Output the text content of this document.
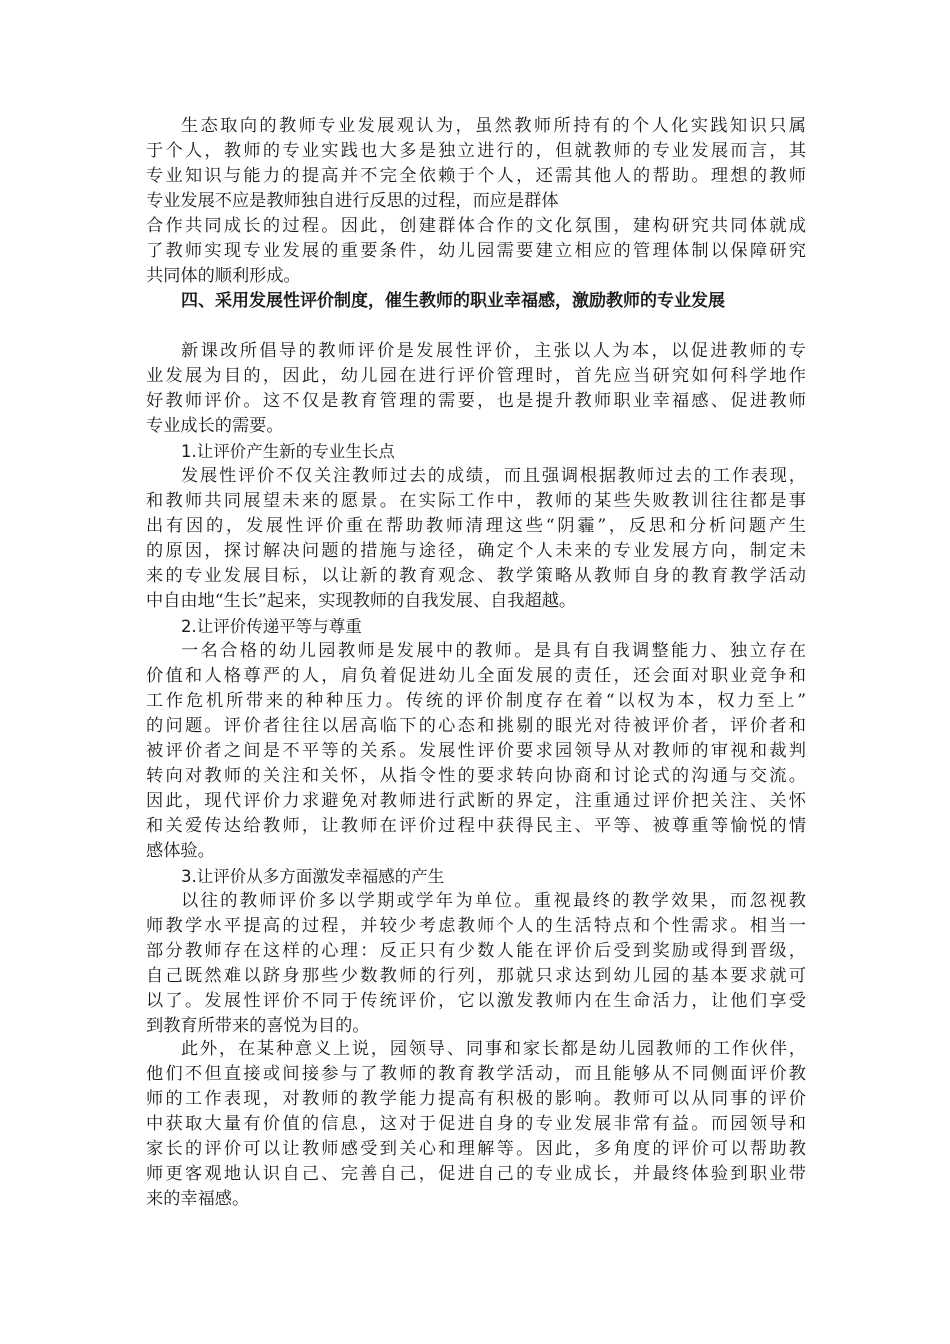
生态取向的教师专业发展观认为，虽然教师所持有的个人化实践知识只属
于个人，教师的专业实践也大多是独立进行的，但就教师的专业发展而言，其
专业知识与能力的提高并不完全依赖于个人，还需其他人的帮助。理想的教师
专业发展不应是教师独自进行反思的过程，而应是群体
合作共同成长的过程。因此，创建群体合作的文化氛围，建构研究共同体就成
了教师实现专业发展的重要条件，幼儿园需要建立相应的管理体制以保障研究
共同体的顺利形成。
四、采用发展性评价制度，催生教师的职业幸福感，激励教师的专业发展
新课改所倡导的教师评价是发展性评价，主张以人为本，以促进教师的专
业发展为目的，因此，幼儿园在进行评价管理时，首先应当研究如何科学地作
好教师评价。这不仅是教育管理的需要，也是提升教师职业幸福感、促进教师
专业成长的需要。
1.让评价产生新的专业生长点
发展性评价不仅关注教师过去的成绩，而且强调根据教师过去的工作表现，
和教师共同展望未来的愿景。在实际工作中，教师的某些失败教训往往都是事
出有因的，发展性评价重在帮助教师清理这些“阴霾”，反思和分析问题产生
的原因，探讨解决问题的措施与途径，确定个人未来的专业发展方向，制定未
来的专业发展目标，以让新的教育观念、教学策略从教师自身的教育教学活动
中自由地“生长”起来，实现教师的自我发展、自我超越。
2.让评价传递平等与尊重
一名合格的幼儿园教师是发展中的教师。是具有自我调整能力、独立存在
价值和人格尊严的人，肩负着促进幼儿全面发展的责任，还会面对职业竞争和
工作危机所带来的种种压力。传统的评价制度存在着“以权为本，权力至上”
的问题。评价者往往以居高临下的心态和挑剔的眼光对待被评价者，评价者和
被评价者之间是不平等的关系。发展性评价要求园领导从对教师的审视和裁判
转向对教师的关注和关怀，从指令性的要求转向协商和讨论式的沟通与交流。
因此，现代评价力求避免对教师进行武断的界定，注重通过评价把关注、关怀
和关爱传达给教师，让教师在评价过程中获得民主、平等、被尊重等愉悦的情
感体验。
3.让评价从多方面激发幸福感的产生
以往的教师评价多以学期或学年为单位。重视最终的教学效果，而忽视教
师教学水平提高的过程，并较少考虑教师个人的生活特点和个性需求。相当一
部分教师存在这样的心理：反正只有少数人能在评价后受到奖励或得到晋级，
自己既然难以跻身那些少数教师的行列，那就只求达到幼儿园的基本要求就可
以了。发展性评价不同于传统评价，它以激发教师内在生命活力，让他们享受
到教育所带来的喜悦为目的。
此外，在某种意义上说，园领导、同事和家长都是幼儿园教师的工作伙伴，
他们不但直接或间接参与了教师的教育教学活动，而且能够从不同侧面评价教
师的工作表现，对教师的教学能力提高有积极的影响。教师可以从同事的评价
中获取大量有价值的信息，这对于促进自身的专业发展非常有益。而园领导和
家长的评价可以让教师感受到关心和理解等。因此，多角度的评价可以帮助教
师更客观地认识自己、完善自己，促进自己的专业成长，并最终体验到职业带
来的幸福感。
